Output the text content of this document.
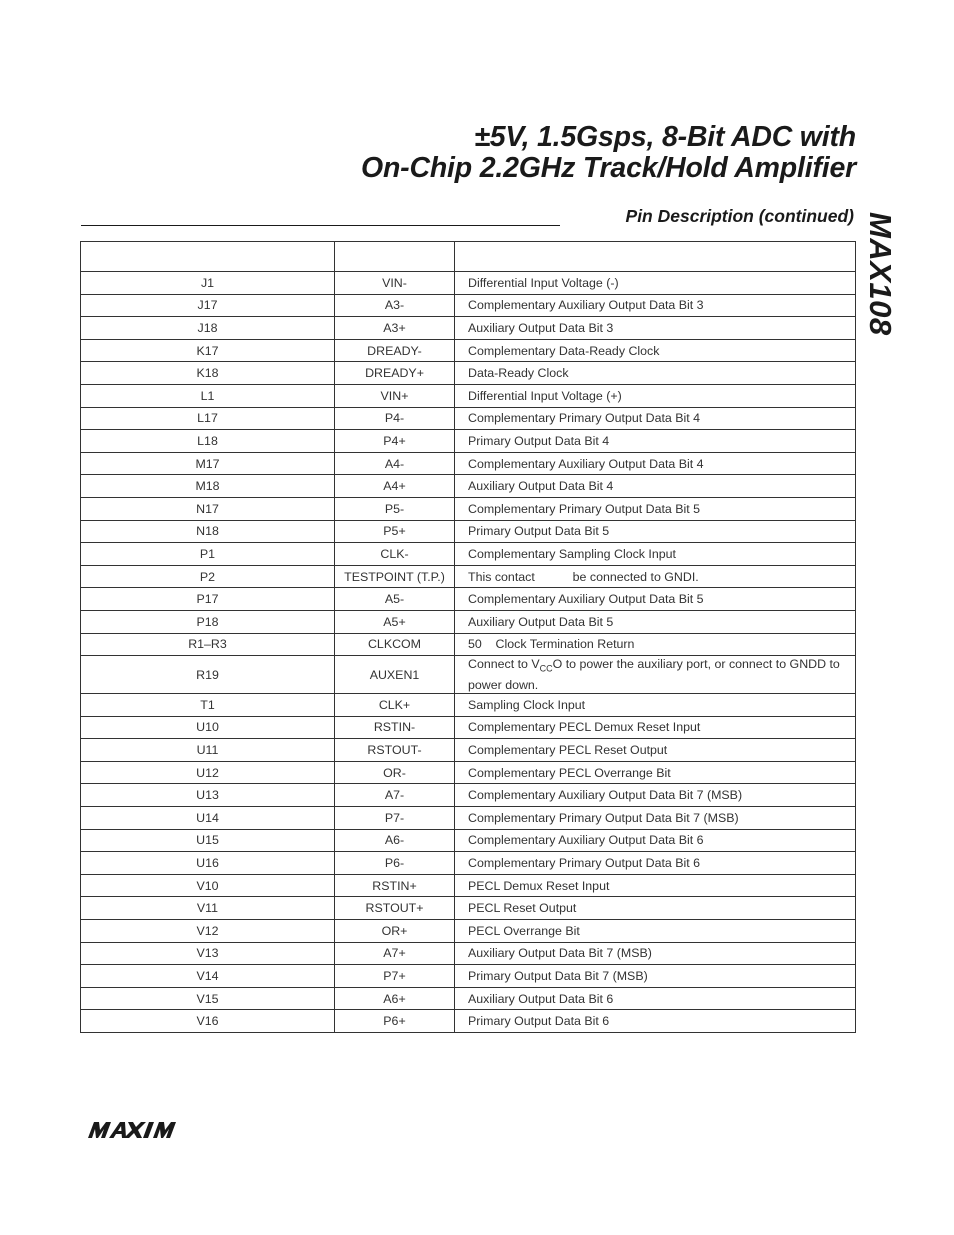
±5V, 1.5Gsps, 8-Bit ADC with
On-Chip 2.2GHz Track/Hold Amplifier
Pin Description (continued) MAX108

J1	VIN-	Differential Input Voltage (-)
J17	A3-	Complementary Auxiliary Output Data Bit 3
J18	A3+	Auxiliary Output Data Bit 3
K17	DREADY-	Complementary Data-Ready Clock
K18	DREADY+	Data-Ready Clock
L1	VIN+	Differential Input Voltage (+)
L17	P4-	Complementary Primary Output Data Bit 4
L18	P4+	Primary Output Data Bit 4
M17	A4-	Complementary Auxiliary Output Data Bit 4
M18	A4+	Auxiliary Output Data Bit 4
N17	P5-	Complementary Primary Output Data Bit 5
N18	P5+	Primary Output Data Bit 5
P1	CLK-	Complementary Sampling Clock Input
P2	TESTPOINT (T.P.)	This contact           be connected to GNDI.
P17	A5-	Complementary Auxiliary Output Data Bit 5
P18	A5+	Auxiliary Output Data Bit 5
R1–R3	CLKCOM	50    Clock Termination Return
R19	AUXEN1	Connect to $V_{CC}O$ to power the auxiliary port, or connect to GNDD to power down.
T1	CLK+	Sampling Clock Input
U10	RSTIN-	Complementary PECL Demux Reset Input
U11	RSTOUT-	Complementary PECL Reset Output
U12	OR-	Complementary PECL Overrange Bit
U13	A7-	Complementary Auxiliary Output Data Bit 7 (MSB)
U14	P7-	Complementary Primary Output Data Bit 7 (MSB)
U15	A6-	Complementary Auxiliary Output Data Bit 6
U16	P6-	Complementary Primary Output Data Bit 6
V10	RSTIN+	PECL Demux Reset Input
V11	RSTOUT+	PECL Reset Output
V12	OR+	PECL Overrange Bit
V13	A7+	Auxiliary Output Data Bit 7 (MSB)
V14	P7+	Primary Output Data Bit 7 (MSB)
V15	A6+	Auxiliary Output Data Bit 6
V16	P6+	Primary Output Data Bit 6
